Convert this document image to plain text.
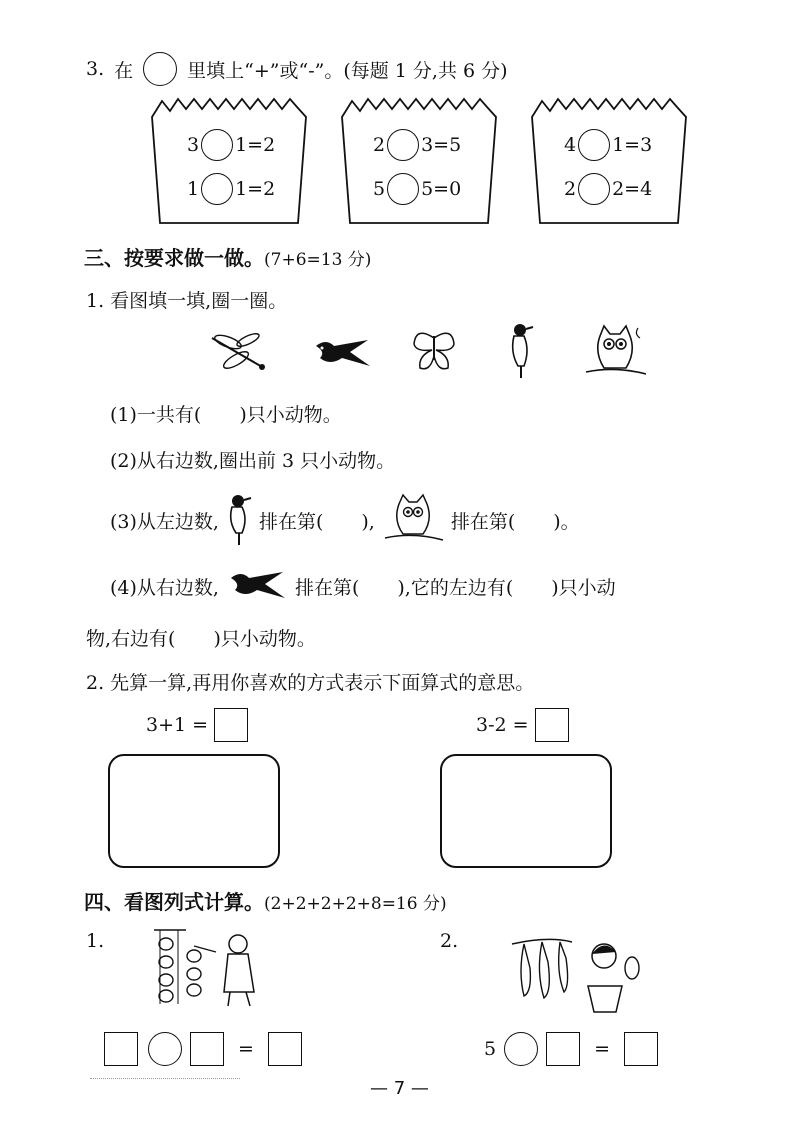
3. 在	里填上“+”或“-”。(每题 1 分,共 6 分)
3 1=2
1 1=2
2 3=5
5 5=0
4 1=3
2 2=4
三、按要求做一做。(7+6=13 分)
1. 看图填一填,圈一圈。
(1)一共有(　　)只小动物。
(2)从右边数,圈出前 3 只小动物。
(3)从左边数, 排在第(　　),	排在第(　　)。
(4)从右边数,	排在第(　　),它的左边有(　　)只小动
物,右边有(　　)只小动物。
2. 先算一算,再用你喜欢的方式表示下面算式的意思。
3+1 =	3-2 =
四、看图列式计算。(2+2+2+2+8=16 分)
1.	2.
=	5	=
— 7 —
